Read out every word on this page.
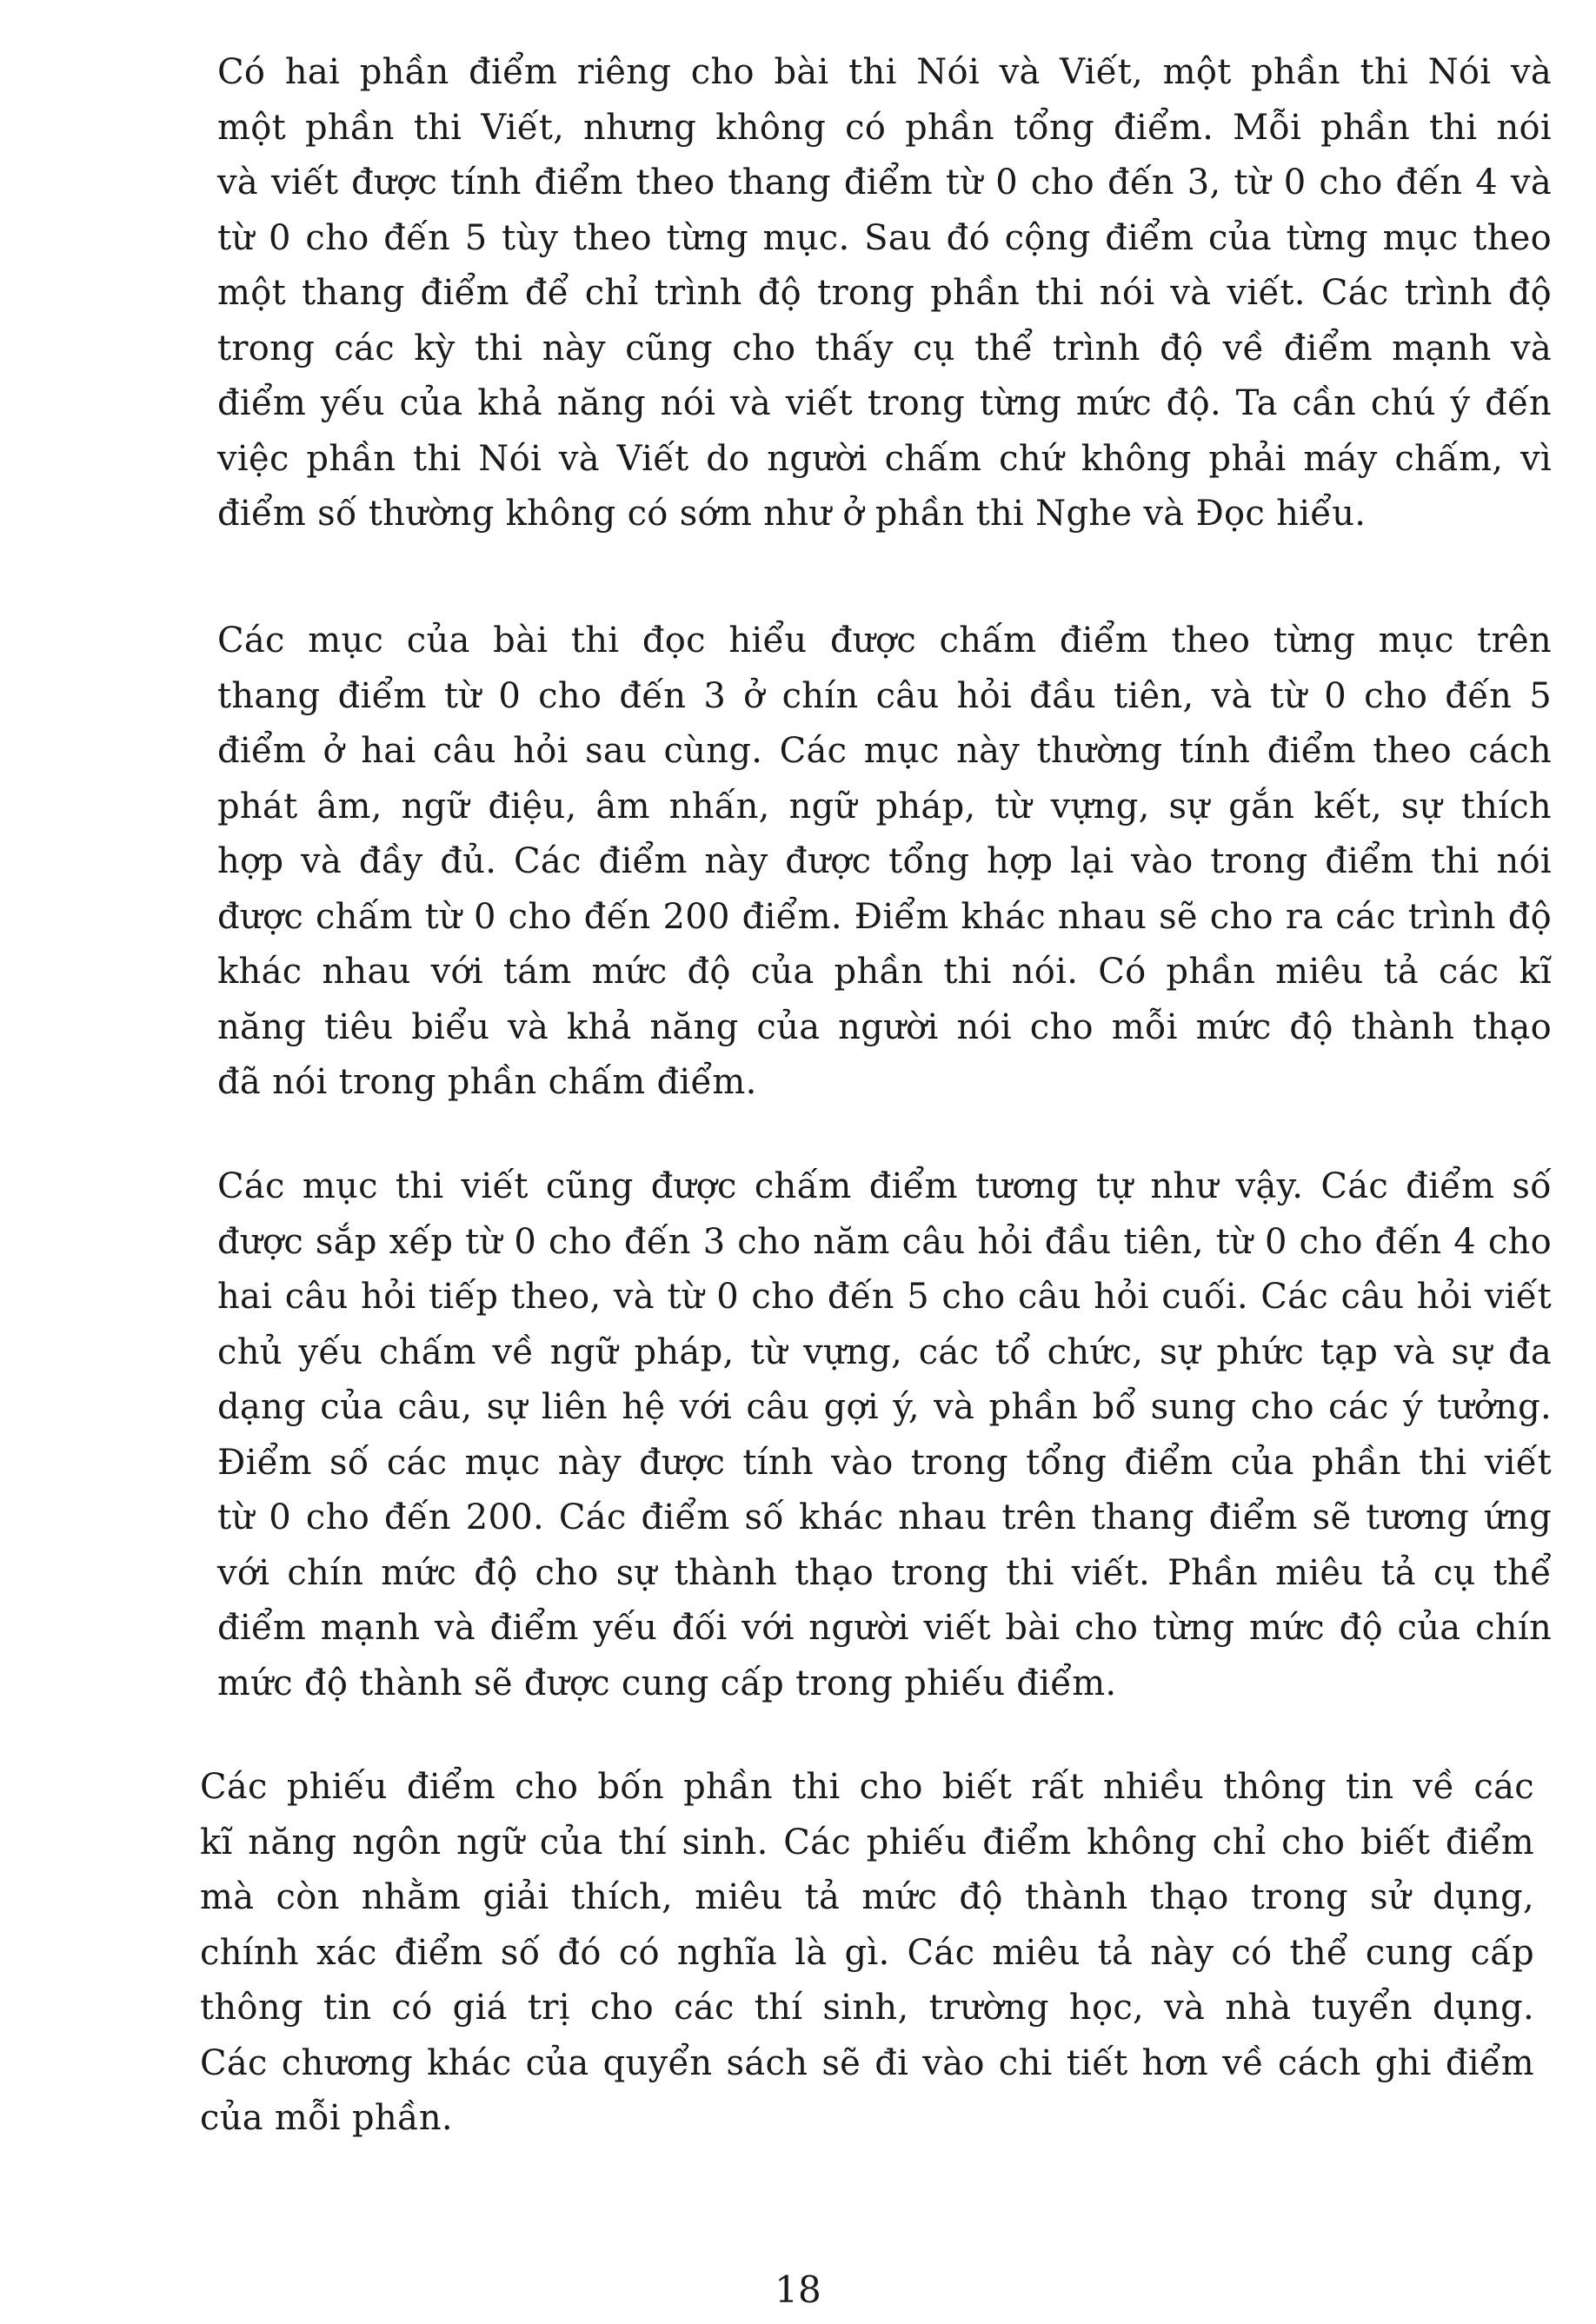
Có hai phần điểm riêng cho bài thi Nói và Viết, một phần thi Nói và
một phần thi Viết, nhưng không có phần tổng điểm. Mỗi phần thi nói
và viết được tính điểm theo thang điểm từ 0 cho đến 3, từ 0 cho đến 4 và
từ 0 cho đến 5 tùy theo từng mục. Sau đó cộng điểm của từng mục theo
một thang điểm để chỉ trình độ trong phần thi nói và viết. Các trình độ
trong các kỳ thi này cũng cho thấy cụ thể trình độ về điểm mạnh và
điểm yếu của khả năng nói và viết trong từng mức độ. Ta cần chú ý đến
việc phần thi Nói và Viết do người chấm chứ không phải máy chấm, vì
điểm số thường không có sớm như ở phần thi Nghe và Đọc hiểu.
Các mục của bài thi đọc hiểu được chấm điểm theo từng mục trên
thang điểm từ 0 cho đến 3 ở chín câu hỏi đầu tiên, và từ 0 cho đến 5
điểm ở hai câu hỏi sau cùng. Các mục này thường tính điểm theo cách
phát âm, ngữ điệu, âm nhấn, ngữ pháp, từ vựng, sự gắn kết, sự thích
hợp và đầy đủ. Các điểm này được tổng hợp lại vào trong điểm thi nói
được chấm từ 0 cho đến 200 điểm. Điểm khác nhau sẽ cho ra các trình độ
khác nhau với tám mức độ của phần thi nói. Có phần miêu tả các kĩ
năng tiêu biểu và khả năng của người nói cho mỗi mức độ thành thạo
đã nói trong phần chấm điểm.
Các mục thi viết cũng được chấm điểm tương tự như vậy. Các điểm số
được sắp xếp từ 0 cho đến 3 cho năm câu hỏi đầu tiên, từ 0 cho đến 4 cho
hai câu hỏi tiếp theo, và từ 0 cho đến 5 cho câu hỏi cuối. Các câu hỏi viết
chủ yếu chấm về ngữ pháp, từ vựng, các tổ chức, sự phức tạp và sự đa
dạng của câu, sự liên hệ với câu gợi ý, và phần bổ sung cho các ý tưởng.
Điểm số các mục này được tính vào trong tổng điểm của phần thi viết
từ 0 cho đến 200. Các điểm số khác nhau trên thang điểm sẽ tương ứng
với chín mức độ cho sự thành thạo trong thi viết. Phần miêu tả cụ thể
điểm mạnh và điểm yếu đối với người viết bài cho từng mức độ của chín
mức độ thành sẽ được cung cấp trong phiếu điểm.
Các phiếu điểm cho bốn phần thi cho biết rất nhiều thông tin về các
kĩ năng ngôn ngữ của thí sinh. Các phiếu điểm không chỉ cho biết điểm
mà còn nhằm giải thích, miêu tả mức độ thành thạo trong sử dụng,
chính xác điểm số đó có nghĩa là gì. Các miêu tả này có thể cung cấp
thông tin có giá trị cho các thí sinh, trường học, và nhà tuyển dụng.
Các chương khác của quyển sách sẽ đi vào chi tiết hơn về cách ghi điểm
của mỗi phần.
18
